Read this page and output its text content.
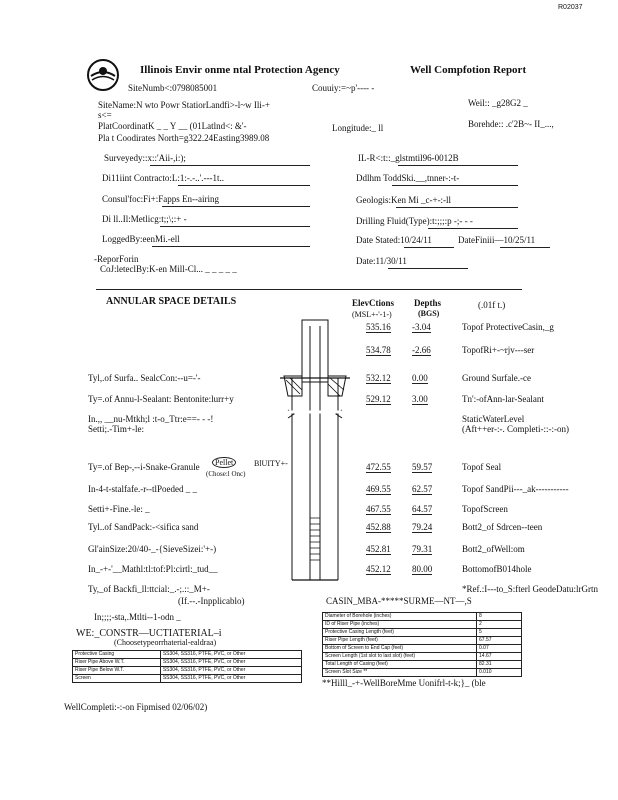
R02037
Illinois Envir onme ntal Protection Agency	Well Compfotion Report
SiteNumb<:0798085001	Couuiy:=~p'---- -
SiteName:N wto Powr StatiorLandfi>-l~w Ili-+
s<=
Weil:: _g28G2 _
PlatCoordinatK _ _ Y __ (01Latlnd<: &'-	Longitude:_ ll	Borehde:: .c'2B~- II_...,
Pla t Coodirates North=g322.24Easting3989.08
Surveyedy::x::'Aii-,i:);	IL-R<:t::_glstmtil96-0012B
Di11iint Contracto:L:1:-.-..'.---1t..	Ddlhm ToddSki.__,tnner-:-t-
Consul'foc:Fi+:Fapps En--airing	Geologis:Ken Mi _c-+-:-ll
Di ll..Il:Metlicg:t;;\;:+ -	Drilling Fluid(Type):t:;;;:p -;- - -
LoggedBy:eenMi.-ell	Date Stated:10/24/11	DateFiniii—10/25/11
-ReporForin
CoJ:leteclBy:K-en Mill-Cl... _ _ _ _ _
Date:11/30/11
ANNULAR SPACE DETAILS	ElevCtions
(MSL+-'-1-)
Depths
(BGS)
(.01f t.)
535.16 -3.04	Topof ProtectiveCasin,_g
534.78 -2.66	TopofRi+-~rjv---ser
Tyl,.of Surfa.. SealcCon:--u=-'-	532.12 0.00	Ground Surfale.-ce
Ty=.of Annu-l-Sealant: Bentonite:lurr+y	529.12 3.00	Tn':-ofAnn-lar-Sealant
In.,, __nu-Mtkh;l :t-o_Ttr:e==- - -!	StaticWaterLevel
Setti;.-Tim+-le:	(Aft++er-:-. Completi-::-:-on)
Ty=.of Bep-,--i-Snake-Granule	472.55 59.57	Topof Seal
In-4-t-stalfafe.-r--tlPoeded _ _	469.55 62.57	Topof SandPii---_ak-----------
Setti+-Fine.-le: _	467.55 64.57	TopofScreen
Tyl..of SandPack:-<sifica sand	452.88 79.24	Bott2_of Sdrcen--teen
Gl'ainSize:20/40-_-{SieveSizei:'+-)	452.81 79.31	Bott2_ofWell:om
In_-+-'__Mathl:tl:tof:Pl:cirtl:_tud__	452.12 80.00	BottomofB014hole
Ty,_of Backfi_ll:ttcial:_.-;.::_M+-	*Ref.:I---to_S:fterl GeodeDatu:lrGrtn
Pellet	BlUITY+-
(Chose:l Onc)
(If.--.-Inpplicablo)
In;;;;-sta,.Mtlti--1-odn _
WE:_CONSTR—UCTIATERIAL–i
(Choosetypeorrhaterial-ealdraa)
Protective Casing	SS304, SS316, PTFE, PVC, or Other
Riser Pipe Above W.T.	SS304, SS316, PTFE, PVC, or Other
Riser Pipe Below W.T.	SS304, SS316, PTFE, PVC, or Other
Screen	SS304, SS316, PTFE, PVC, or Other
CASIN_MBA-*****SURME—NT—,S
Diameter of Borehole (inches)	8
ID of Riser Pipe (inches)	2
Protective Casing Length (feet)	5
Riser Pipe Length (feet)	67.57
Bottom of Screen to End Cap (feet)	0.07
Screen Length (1st slot to last slot) (feet)	14.67
Total Length of Casing (feet)	82.31
Screen Slot Size **	0.010
**Hilll_-+-WellBoreMme Uonifrl-t-k;}_ (ble
WellCompleti:-:-on Fipmised 02/06/02)
